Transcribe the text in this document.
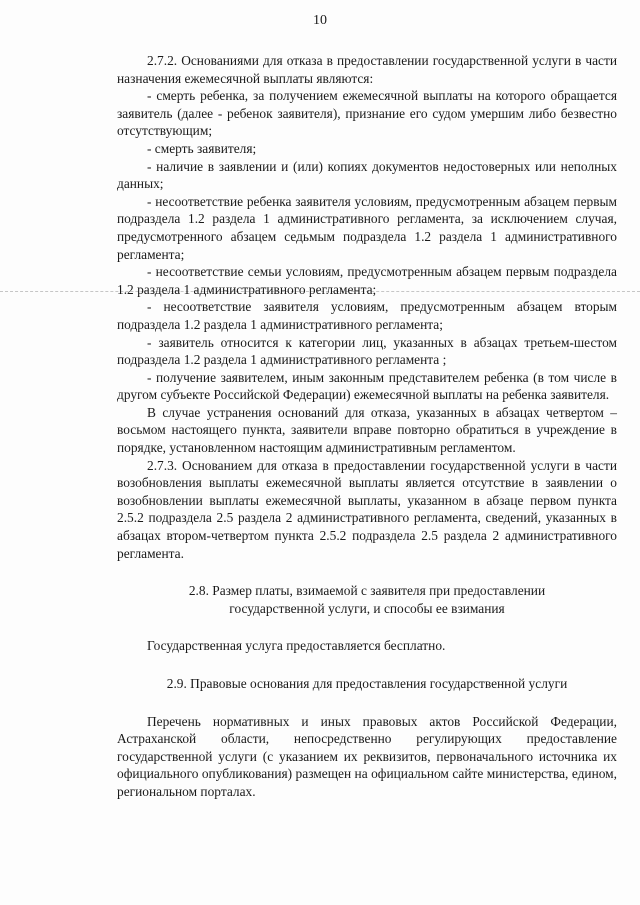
10

2.7.2. Основаниями для отказа в предоставлении государственной услуги в части назначения ежемесячной выплаты являются:

- смерть ребенка, за получением ежемесячной выплаты на которого обращается заявитель (далее - ребенок заявителя), признание его судом умершим либо безвестно отсутствующим;

- смерть заявителя;

- наличие в заявлении и (или) копиях документов недостоверных или неполных данных;

- несоответствие ребенка заявителя условиям, предусмотренным абзацем первым подраздела 1.2 раздела 1 административного регламента, за исключением случая, предусмотренного абзацем седьмым подраздела 1.2 раздела 1 административного регламента;

- несоответствие семьи условиям, предусмотренным абзацем первым подраздела 1.2 раздела 1 административного регламента;

- несоответствие заявителя условиям, предусмотренным абзацем вторым подраздела 1.2 раздела 1 административного регламента;

- заявитель относится к категории лиц, указанных в абзацах третьем-шестом подраздела 1.2 раздела 1 административного регламента ;

- получение заявителем, иным законным представителем ребенка (в том числе в другом субъекте Российской Федерации) ежемесячной выплаты на ребенка заявителя.

В случае устранения оснований для отказа, указанных в абзацах четвертом – восьмом настоящего пункта, заявители вправе повторно обратиться в учреждение в порядке, установленном настоящим административным регламентом.

2.7.3. Основанием для отказа в предоставлении государственной услуги в части возобновления выплаты ежемесячной выплаты является отсутствие в заявлении о возобновлении выплаты ежемесячной выплаты, указанном в абзаце первом пункта 2.5.2 подраздела 2.5 раздела 2 административного регламента, сведений, указанных в абзацах втором-четвертом пункта 2.5.2 подраздела 2.5 раздела 2 административного регламента.

2.8. Размер платы, взимаемой с заявителя при предоставлении
государственной услуги, и способы ее взимания

Государственная услуга предоставляется бесплатно.

2.9. Правовые основания для предоставления государственной услуги

Перечень нормативных и иных правовых актов Российской Федерации, Астраханской области, непосредственно регулирующих предоставление государственной услуги (с указанием их реквизитов, первоначального источника их официального опубликования) размещен на официальном сайте министерства, едином, региональном порталах.
